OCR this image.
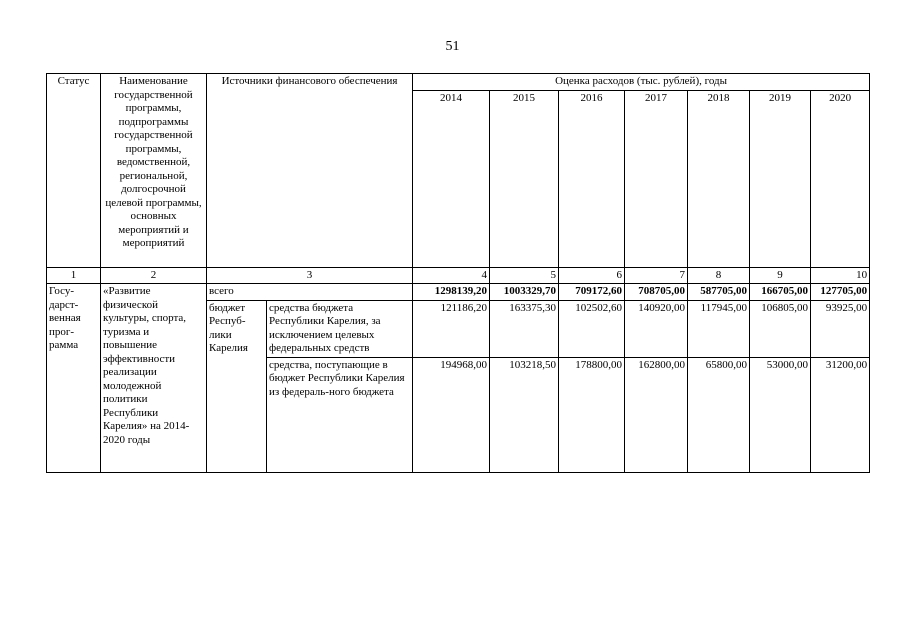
51
Статус	Наименование государственной программы, подпрограммы государственной программы, ведомственной, региональной, долгосрочной целевой программы, основных мероприятий и мероприятий	Источники финансового обеспечения		Оценка расходов (тыс. рублей), годы						
				2014	2015	2016	2017	2018	2019	2020
1	2	3		4	5	6	7	8	9	10
Госу-дарст-венная прог-рамма	«Развитие физической культуры, спорта, туризма и повышение эффективности реализации молодежной политики Республики Карелия» на 2014-2020 годы	всего		1298139,20	1003329,70	709172,60	708705,00	587705,00	166705,00	127705,00
		бюджет Респуб-лики Карелия	средства бюджета Республики Карелия, за исключением целевых федеральных средств	121186,20	163375,30	102502,60	140920,00	117945,00	106805,00	93925,00
			средства, поступающие в бюджет Республики Карелия из федераль-ного бюджета	194968,00	103218,50	178800,00	162800,00	65800,00	53000,00	31200,00
